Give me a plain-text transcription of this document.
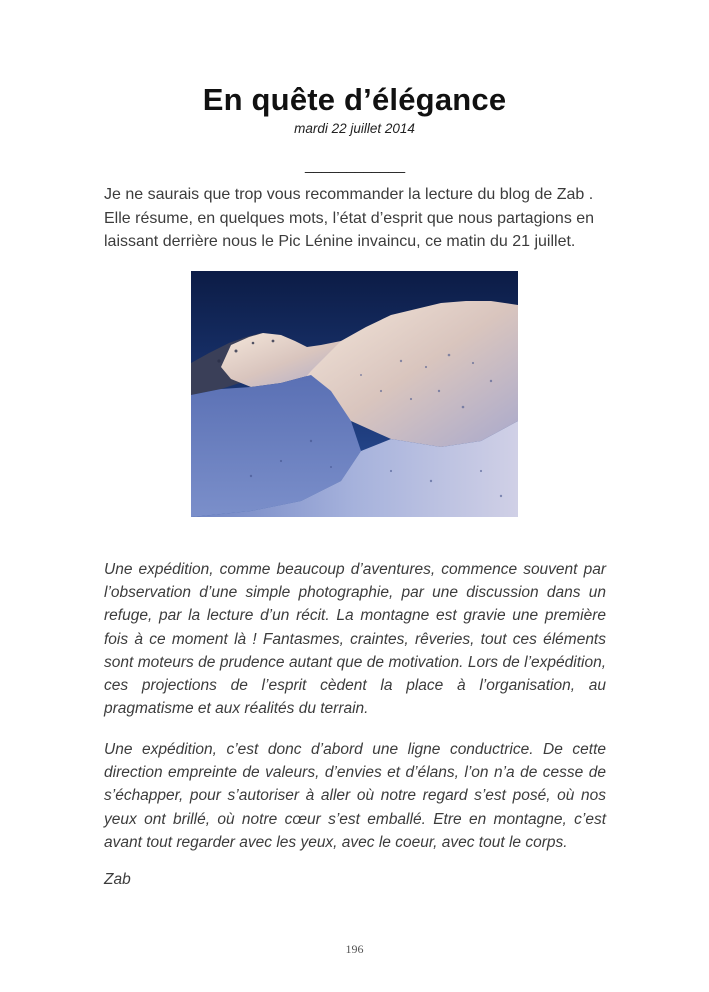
En quête d’élégance
mardi 22 juillet 2014
____________

Je ne saurais que trop vous recommander la lecture du blog de Zab . Elle résume, en quelques mots, l’état d’esprit que nous partagions en laissant derrière nous le Pic Lénine invaincu, ce matin du 21 juillet.

Une expédition, comme beaucoup d’aventures, commence souvent par l’observation d’une simple photographie, par une discussion dans un refuge, par la lecture d’un récit. La montagne est gravie une première fois à ce moment là ! Fantasmes, craintes, rêveries, tout ces éléments sont moteurs de prudence autant que de motivation. Lors de l’expédition, ces projections de l’esprit cèdent la place à l’organisation, au pragmatisme et aux réalités du terrain.

Une expédition, c’est donc d’abord une ligne conductrice. De cette direction empreinte de valeurs, d’envies et d’élans, l’on n’a de cesse de s’échapper, pour s’autoriser à aller où notre regard s’est posé, où nos yeux ont brillé, où notre cœur s’est emballé. Etre en montagne, c’est avant tout regarder avec les yeux, avec le coeur, avec tout le corps.

Zab
196
